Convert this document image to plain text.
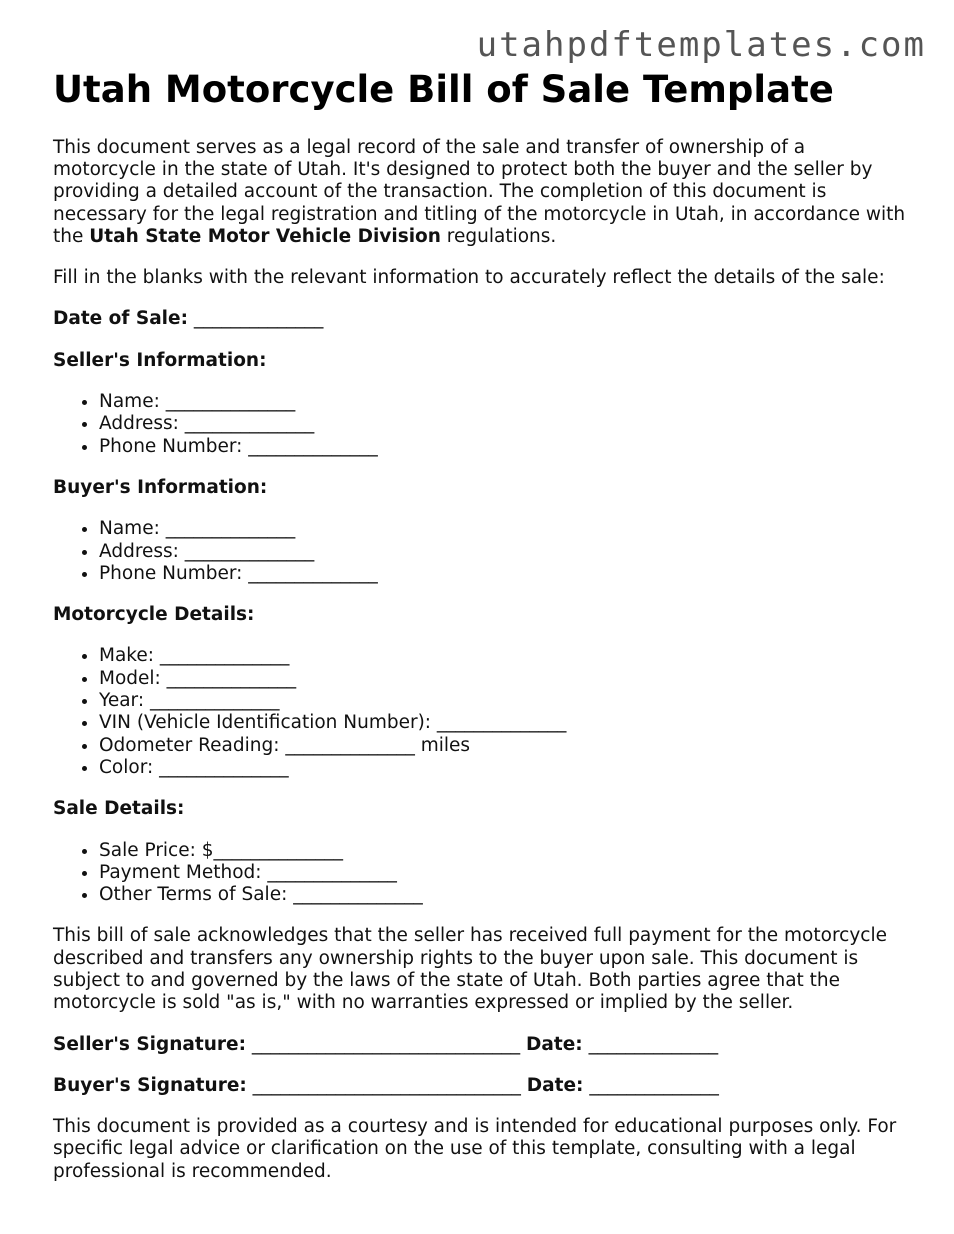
utahpdftemplates.com
Utah Motorcycle Bill of Sale Template

This document serves as a legal record of the sale and transfer of ownership of a motorcycle in the state of Utah. It's designed to protect both the buyer and the seller by providing a detailed account of the transaction. The completion of this document is necessary for the legal registration and titling of the motorcycle in Utah, in accordance with the Utah State Motor Vehicle Division regulations.

Fill in the blanks with the relevant information to accurately reflect the details of the sale:

Date of Sale: ______________

Seller's Information:

• Name: ______________
• Address: ______________
• Phone Number: ______________

Buyer's Information:

• Name: ______________
• Address: ______________
• Phone Number: ______________

Motorcycle Details:

• Make: ______________
• Model: ______________
• Year: ______________
• VIN (Vehicle Identification Number): ______________
• Odometer Reading: ______________ miles
• Color: ______________

Sale Details:

• Sale Price: $______________
• Payment Method: ______________
• Other Terms of Sale: ______________

This bill of sale acknowledges that the seller has received full payment for the motorcycle described and transfers any ownership rights to the buyer upon sale. This document is subject to and governed by the laws of the state of Utah. Both parties agree that the motorcycle is sold "as is," with no warranties expressed or implied by the seller.

Seller's Signature: _____________________________ Date: ______________

Buyer's Signature: _____________________________ Date: ______________

This document is provided as a courtesy and is intended for educational purposes only. For specific legal advice or clarification on the use of this template, consulting with a legal professional is recommended.
